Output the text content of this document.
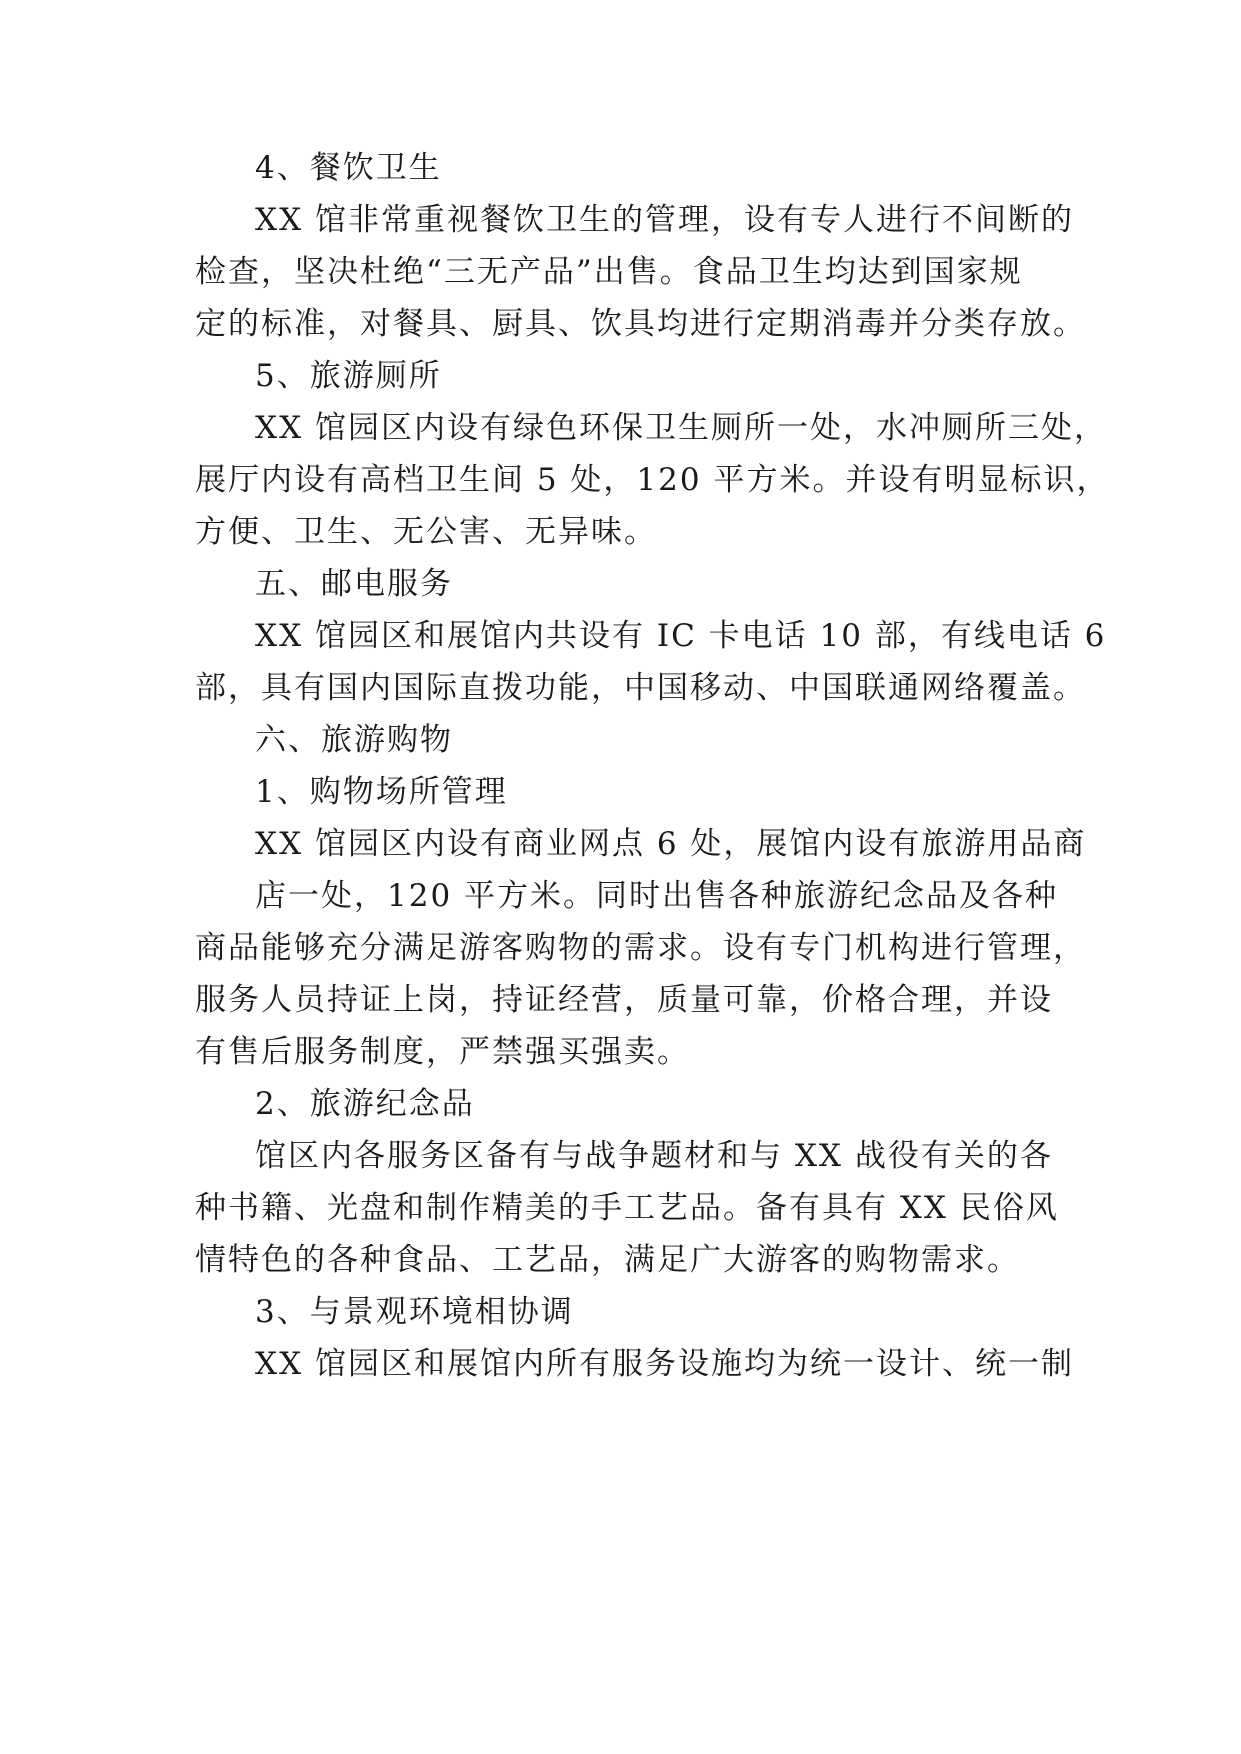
4、餐饮卫生
XX 馆非常重视餐饮卫生的管理，设有专人进行不间断的
检查，坚决杜绝“三无产品”出售。食品卫生均达到国家规
定的标准，对餐具、厨具、饮具均进行定期消毒并分类存放。
5、旅游厕所
XX 馆园区内设有绿色环保卫生厕所一处，水冲厕所三处，
展厅内设有高档卫生间 5 处，120 平方米。并设有明显标识，
方便、卫生、无公害、无异味。
五、邮电服务
XX 馆园区和展馆内共设有 IC 卡电话 10 部，有线电话 6
部，具有国内国际直拨功能，中国移动、中国联通网络覆盖。
六、旅游购物
1、购物场所管理
XX 馆园区内设有商业网点 6 处，展馆内设有旅游用品商
店一处，120 平方米。同时出售各种旅游纪念品及各种
商品能够充分满足游客购物的需求。设有专门机构进行管理，
服务人员持证上岗，持证经营，质量可靠，价格合理，并设
有售后服务制度，严禁强买强卖。
2、旅游纪念品
馆区内各服务区备有与战争题材和与 XX 战役有关的各
种书籍、光盘和制作精美的手工艺品。备有具有 XX 民俗风
情特色的各种食品、工艺品，满足广大游客的购物需求。
3、与景观环境相协调
XX 馆园区和展馆内所有服务设施均为统一设计、统一制
